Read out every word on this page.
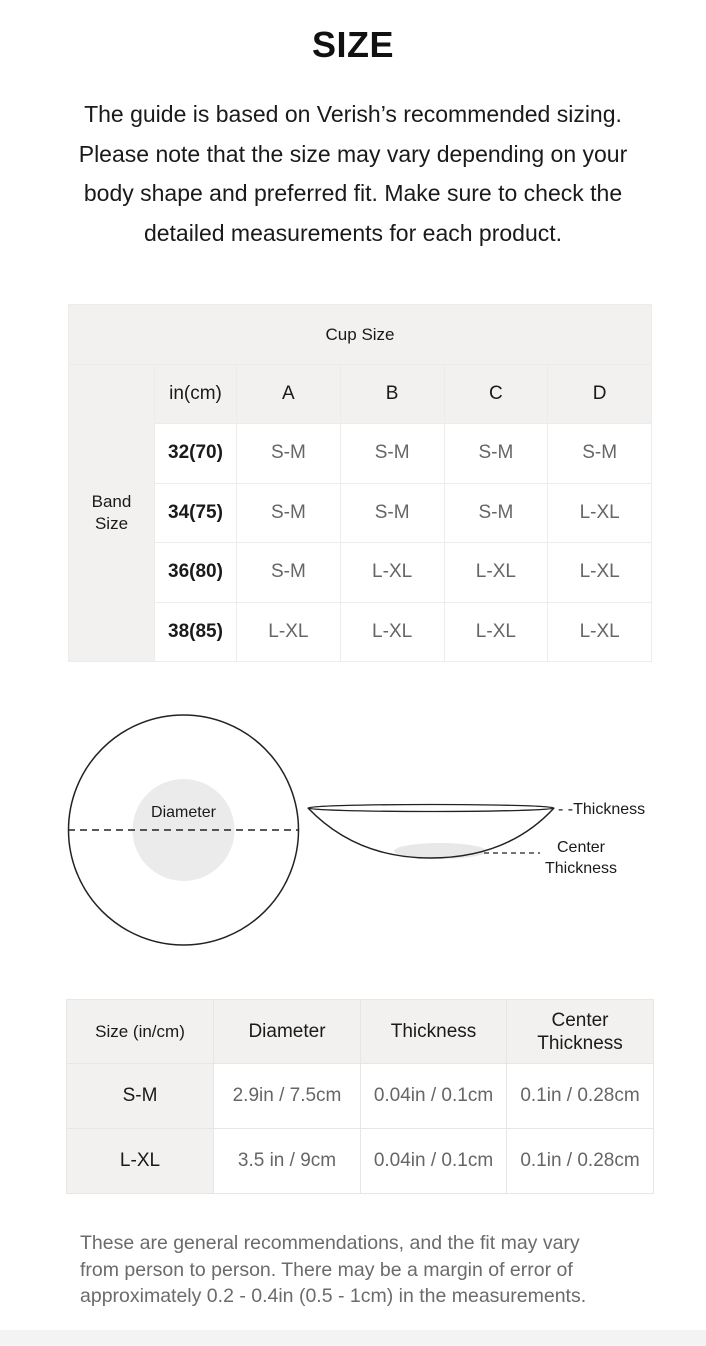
SIZE

The guide is based on Verish’s recommended sizing.
Please note that the size may vary depending on your
body shape and preferred fit. Make sure to check the
detailed measurements for each product.

Cup Size					

Band
Size	in(cm)	A	B	C	D
	32(70)	S-M	S-M	S-M	S-M
	34(75)	S-M	S-M	S-M	L-XL
	36(80)	S-M	L-XL	L-XL	L-XL
	38(85)	L-XL	L-XL	L-XL	L-XL
Diameter	- -Thickness
Center
Thickness
Size (in/cm)	Diameter	Thickness	Center
Thickness

S-M	2.9in / 7.5cm	0.04in / 0.1cm	0.1in / 0.28cm
L-XL	3.5 in / 9cm	0.04in / 0.1cm	0.1in / 0.28cm

These are general recommendations, and the fit may vary
from person to person. There may be a margin of error of
approximately 0.2 - 0.4in (0.5 - 1cm) in the measurements.
